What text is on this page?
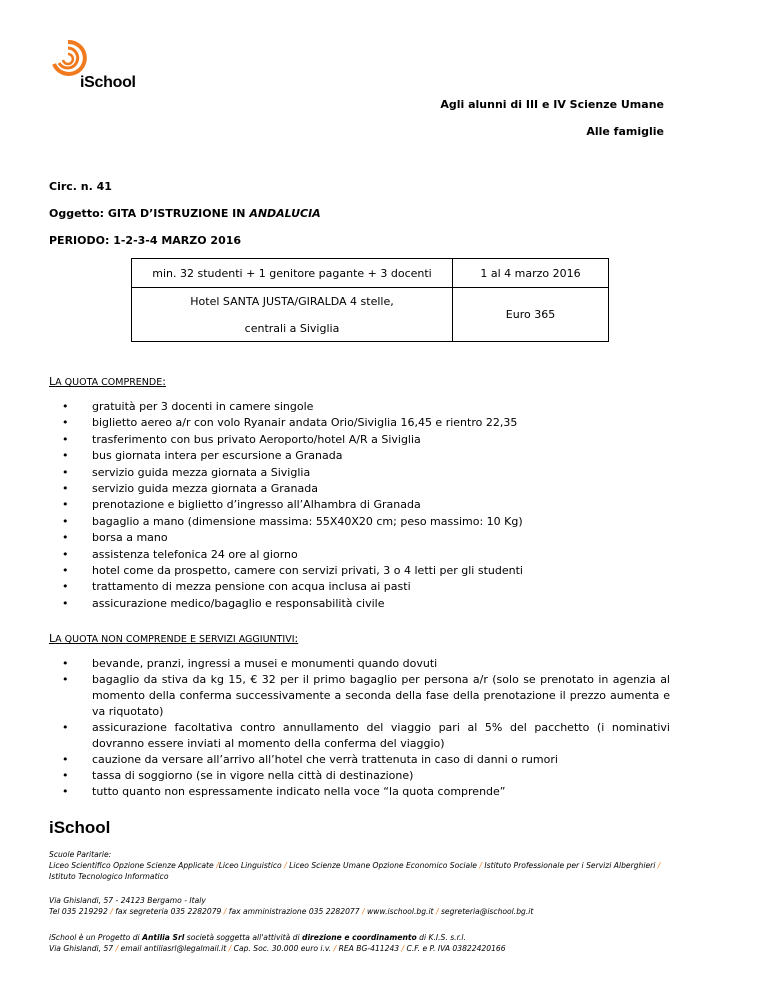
iSchool
Agli alunni di III e IV Scienze Umane
Alle famiglie
Circ. n. 41
Oggetto: GITA D’ISTRUZIONE IN ANDALUCIA
PERIODO: 1-2-3-4 MARZO 2016
min. 32 studenti + 1 genitore pagante + 3 docenti	1 al 4 marzo 2016

Hotel SANTA JUSTA/GIRALDA 4 stelle,
centrali a Siviglia	Euro 365
LA QUOTA COMPRENDE:
• gratuità per 3 docenti in camere singole
• biglietto aereo a/r con volo Ryanair andata Orio/Siviglia 16,45 e rientro 22,35
• trasferimento con bus privato Aeroporto/hotel A/R a Siviglia
• bus giornata intera per escursione a Granada
• servizio guida mezza giornata a Siviglia
• servizio guida mezza giornata a Granada
• prenotazione e biglietto d’ingresso all’Alhambra di Granada
• bagaglio a mano (dimensione massima: 55X40X20 cm; peso massimo: 10 Kg)
• borsa a mano
• assistenza telefonica 24 ore al giorno
• hotel come da prospetto, camere con servizi privati, 3 o 4 letti per gli studenti
• trattamento di mezza pensione con acqua inclusa ai pasti
• assicurazione medico/bagaglio e responsabilità civile
LA QUOTA NON COMPRENDE E SERVIZI AGGIUNTIVI:
• bevande, pranzi, ingressi a musei e monumenti quando dovuti
• bagaglio da stiva da kg 15, € 32 per il primo bagaglio per persona a/r (solo se prenotato in agenzia al momento della conferma successivamente a seconda della fase della prenotazione il prezzo aumenta e va riquotato)
• assicurazione facoltativa contro annullamento del viaggio pari al 5% del pacchetto (i nominativi dovranno essere inviati al momento della conferma del viaggio)
• cauzione da versare all’arrivo all’hotel che verrà trattenuta in caso di danni o rumori
• tassa di soggiorno (se in vigore nella città di destinazione)
• tutto quanto non espressamente indicato nella voce “la quota comprende”
iSchool
Scuole Paritarie:
Liceo Scientifico Opzione Scienze Applicate /Liceo Linguistico / Liceo Scienze Umane Opzione Economico Sociale / Istituto Professionale per i Servizi Alberghieri /
Istituto Tecnologico Informatico
Via Ghislandi, 57 - 24123 Bergamo - Italy
Tel 035 219292 / fax segreteria 035 2282079 / fax amministrazione 035 2282077 / www.ischool.bg.it / segreteria@ischool.bg.it
iSchool è un Progetto di Antilia Srl società soggetta all'attività di direzione e coordinamento di K.I.S. s.r.l.
Via Ghislandi, 57 / email antiliasrl@legalmail.it / Cap. Soc. 30.000 euro i.v. / REA BG-411243 / C.F. e P. IVA 03822420166
